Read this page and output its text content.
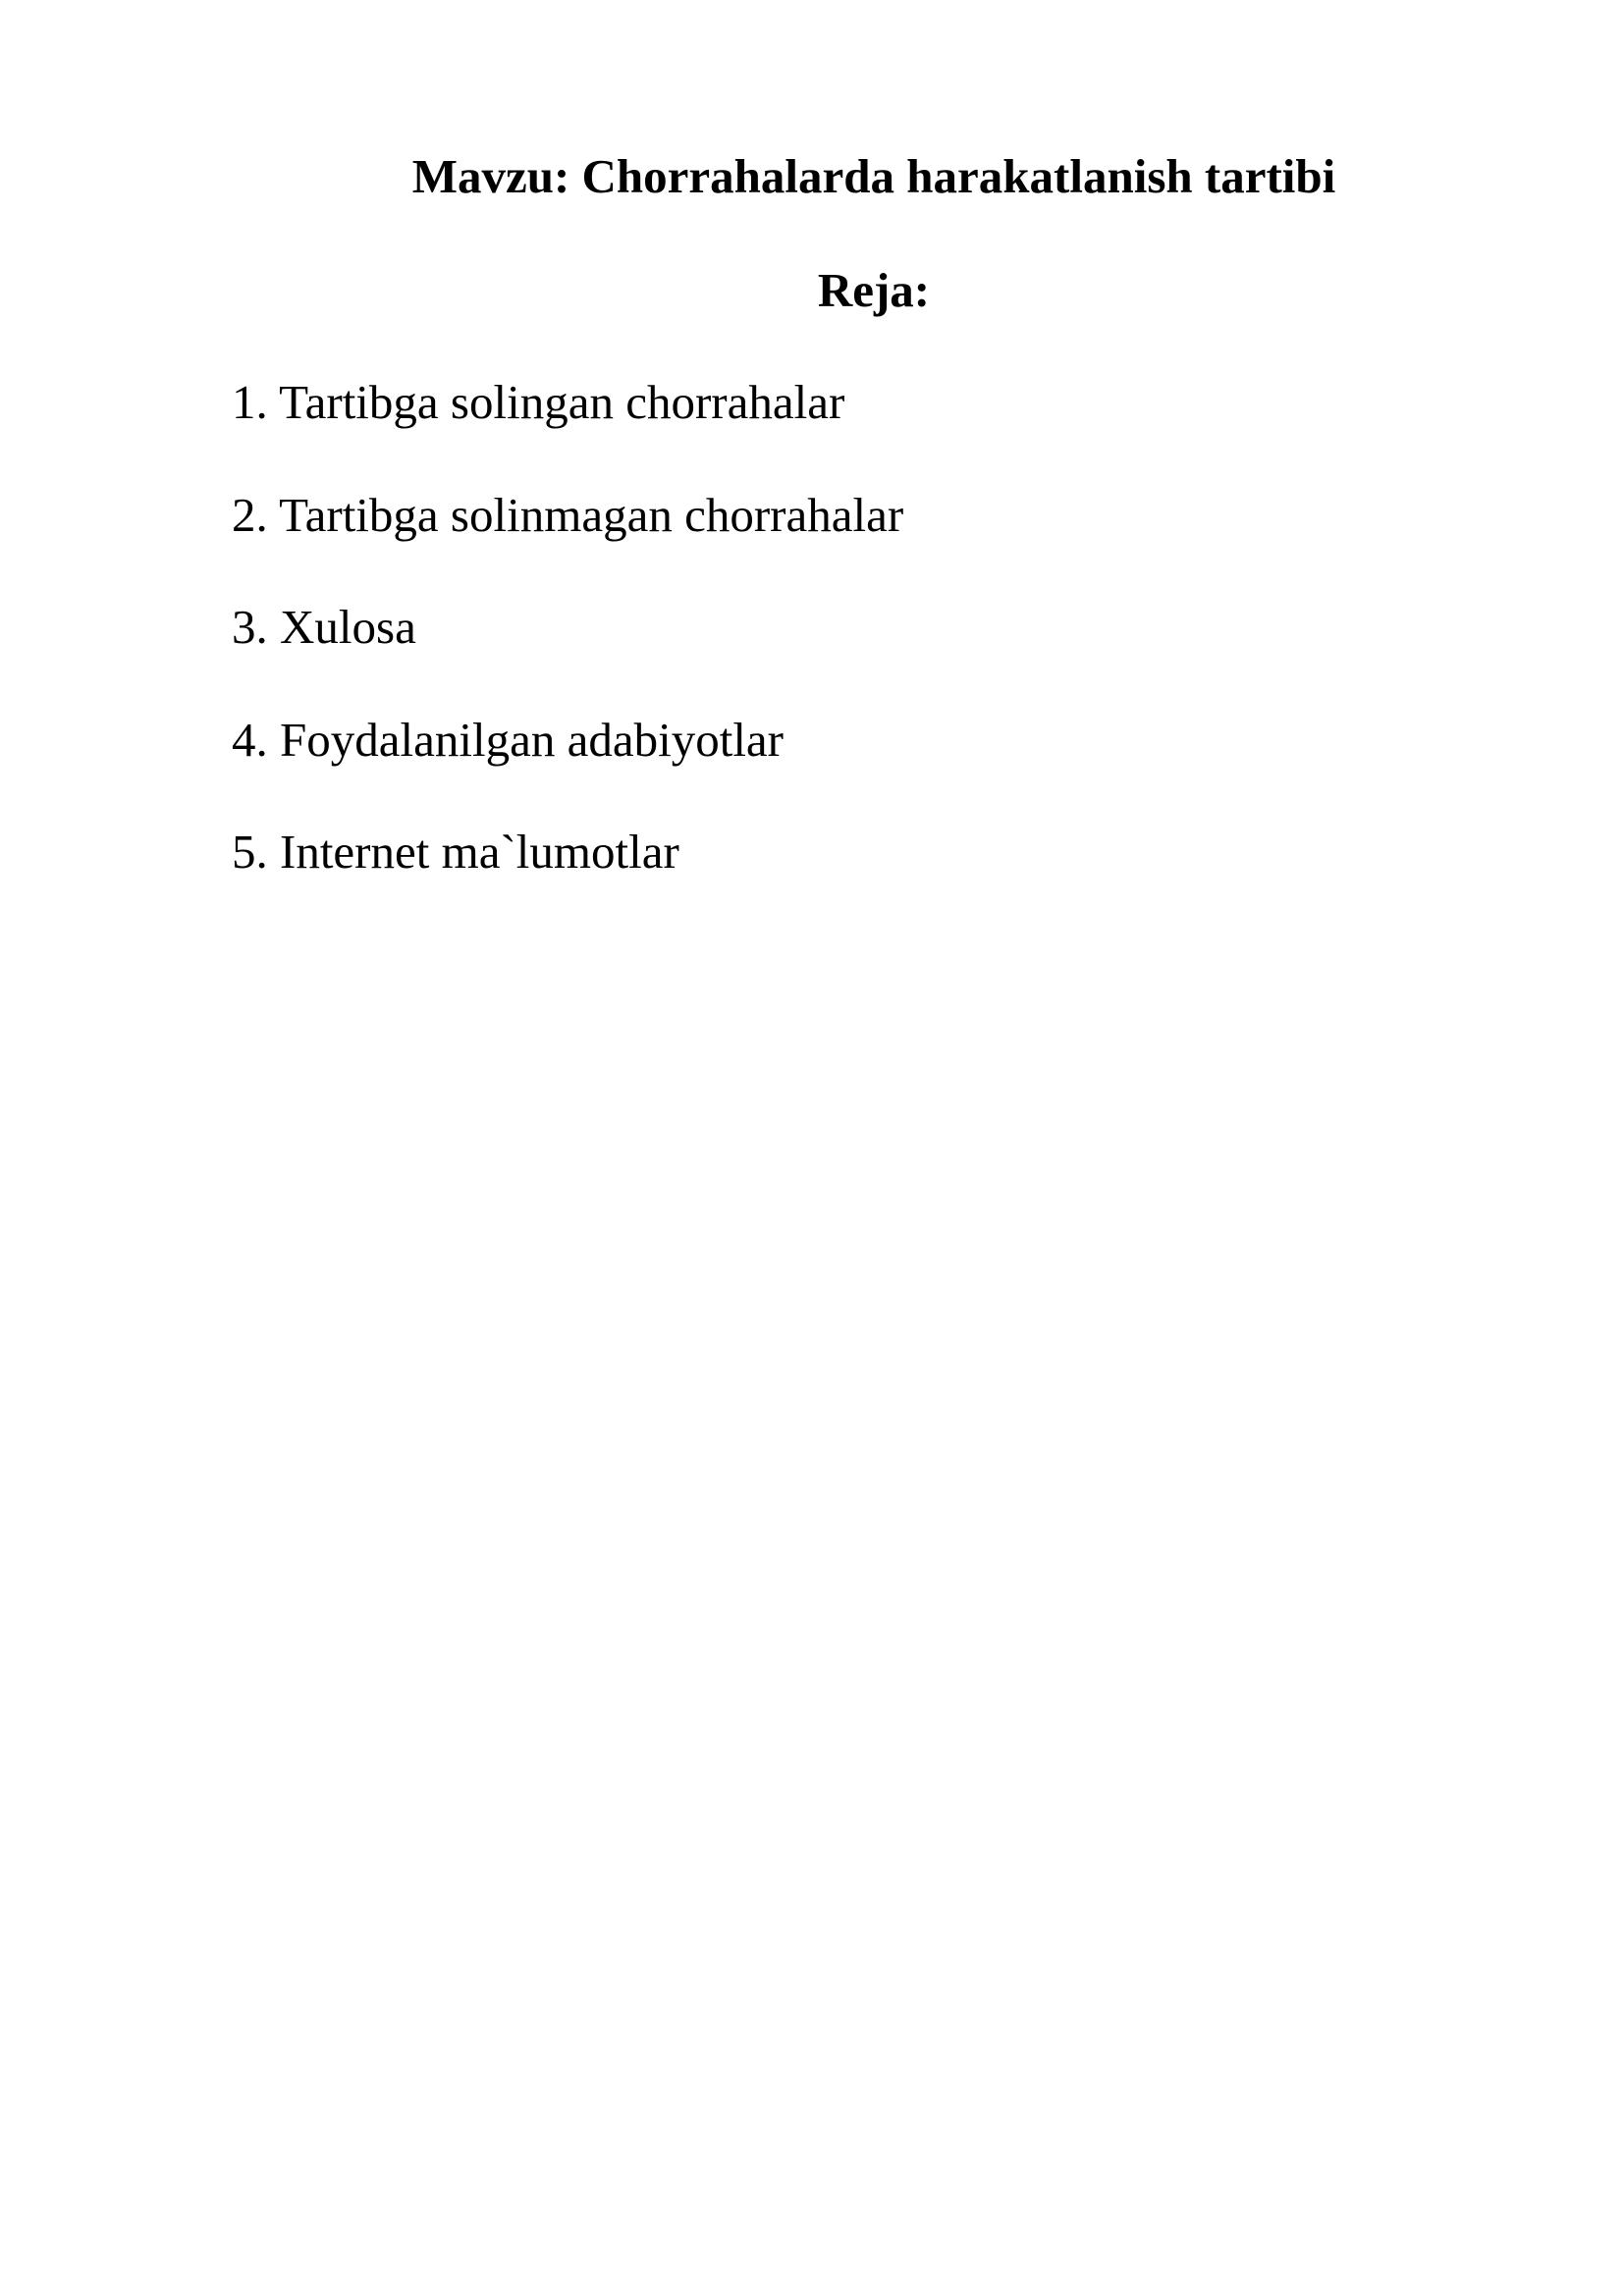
Mavzu: Chorrahalarda harakatlanish tartibi
Reja:
1. Tartibga solingan chorrahalar
2. Tartibga solinmagan chorrahalar
3. Xulosa
4. Foydalanilgan adabiyotlar
5. Internet ma`lumotlar
